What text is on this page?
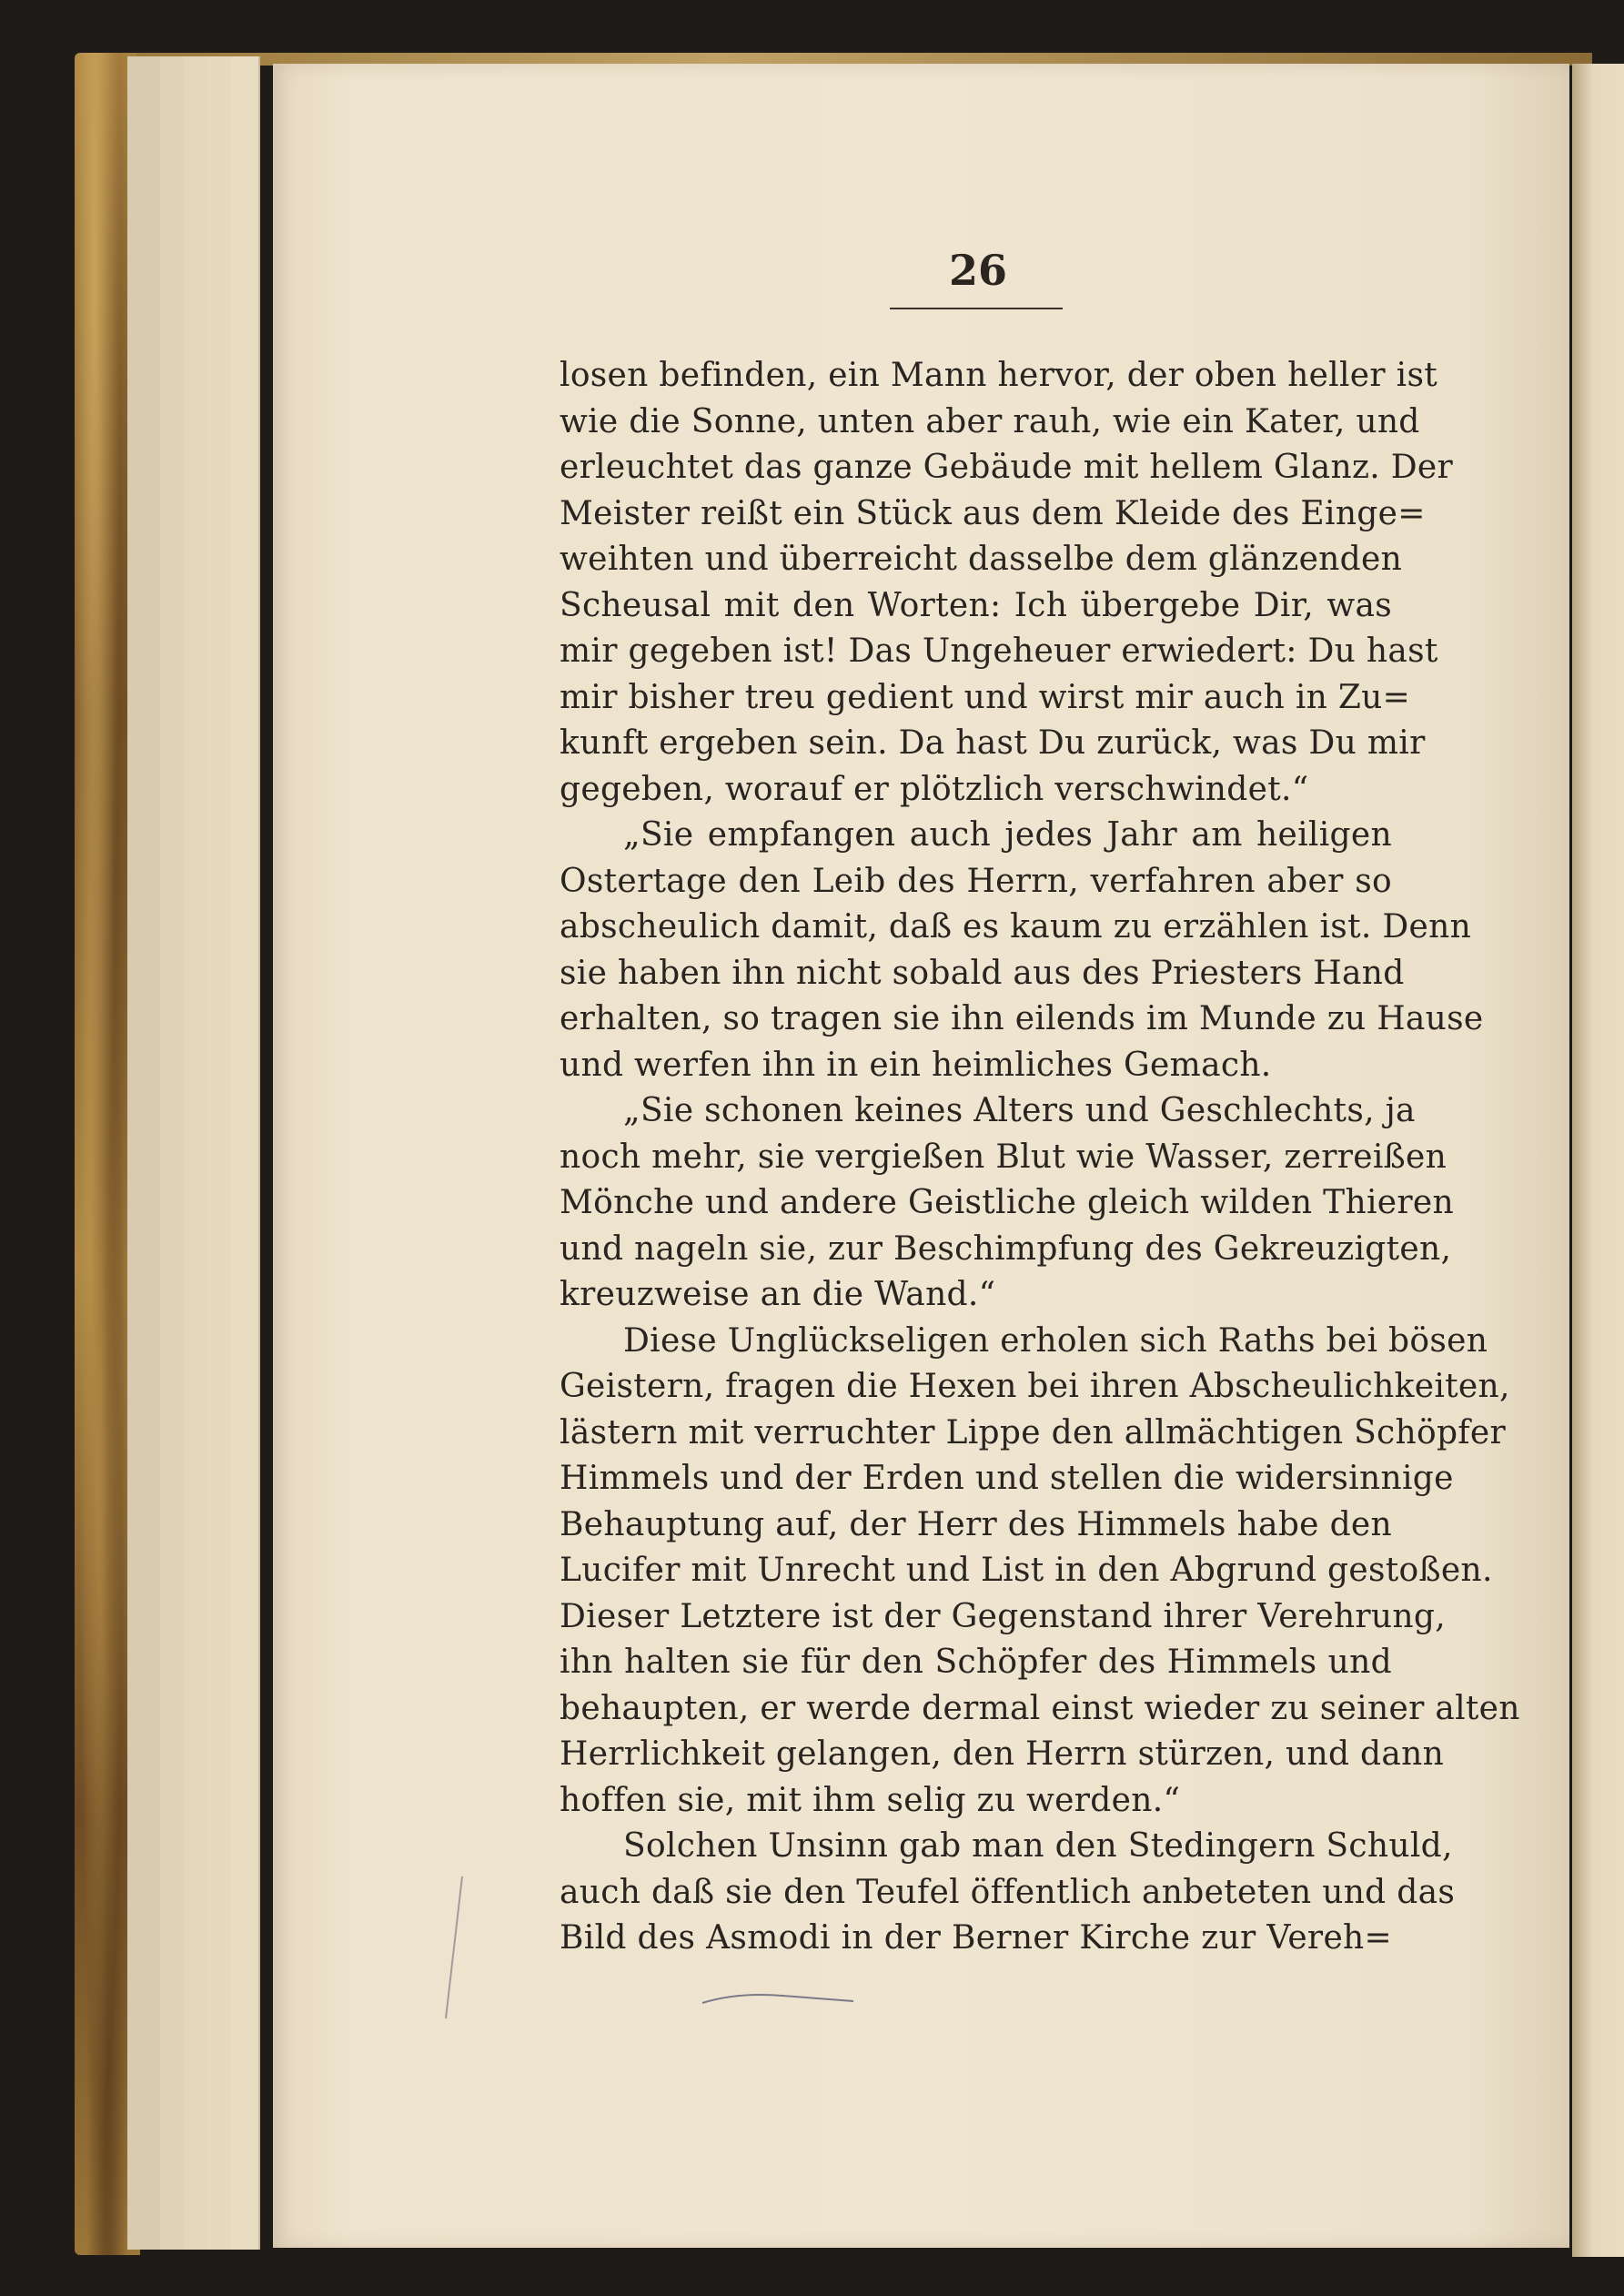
26
losen befinden, ein Mann hervor, der oben heller ist
wie die Sonne, unten aber rauh, wie ein Kater, und
erleuchtet das ganze Gebäude mit hellem Glanz. Der
Meister reißt ein Stück aus dem Kleide des Einge=
weihten und überreicht dasselbe dem glänzenden
Scheusal mit den Worten: Ich übergebe Dir, was
mir gegeben ist! Das Ungeheuer erwiedert: Du hast
mir bisher treu gedient und wirst mir auch in Zu=
kunft ergeben sein. Da hast Du zurück, was Du mir
gegeben, worauf er plötzlich verschwindet.“
„Sie empfangen auch jedes Jahr am heiligen
Ostertage den Leib des Herrn, verfahren aber so
abscheulich damit, daß es kaum zu erzählen ist. Denn
sie haben ihn nicht sobald aus des Priesters Hand
erhalten, so tragen sie ihn eilends im Munde zu Hause
und werfen ihn in ein heimliches Gemach.
„Sie schonen keines Alters und Geschlechts, ja
noch mehr, sie vergießen Blut wie Wasser, zerreißen
Mönche und andere Geistliche gleich wilden Thieren
und nageln sie, zur Beschimpfung des Gekreuzigten,
kreuzweise an die Wand.“
Diese Unglückseligen erholen sich Raths bei bösen
Geistern, fragen die Hexen bei ihren Abscheulichkeiten,
lästern mit verruchter Lippe den allmächtigen Schöpfer
Himmels und der Erden und stellen die widersinnige
Behauptung auf, der Herr des Himmels habe den
Lucifer mit Unrecht und List in den Abgrund gestoßen.
Dieser Letztere ist der Gegenstand ihrer Verehrung,
ihn halten sie für den Schöpfer des Himmels und
behaupten, er werde dermal einst wieder zu seiner alten
Herrlichkeit gelangen, den Herrn stürzen, und dann
hoffen sie, mit ihm selig zu werden.“
Solchen Unsinn gab man den Stedingern Schuld,
auch daß sie den Teufel öffentlich anbeteten und das
Bild des Asmodi in der Berner Kirche zur Vereh=
